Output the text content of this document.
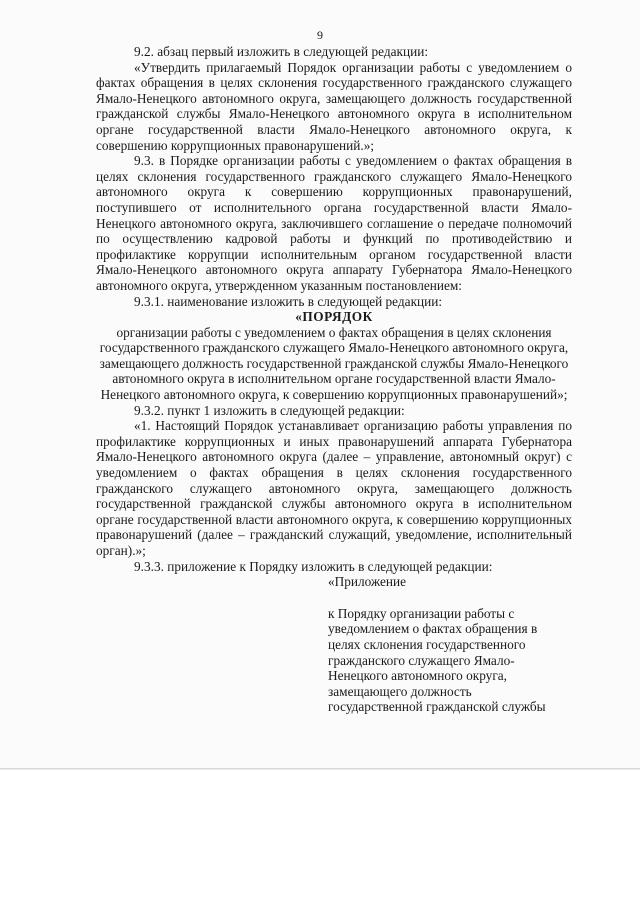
9

9.2. абзац первый изложить в следующей редакции:

«Утвердить прилагаемый Порядок организации работы с уведомлением о фактах обращения в целях склонения государственного гражданского служащего Ямало-Ненецкого автономного округа, замещающего должность государственной гражданской службы Ямало-Ненецкого автономного округа в исполнительном органе государственной власти Ямало-Ненецкого автономного округа, к совершению коррупционных правонарушений.»;

9.3. в Порядке организации работы с уведомлением о фактах обращения в целях склонения государственного гражданского служащего Ямало-Ненецкого автономного округа к совершению коррупционных правонарушений, поступившего от исполнительного органа государственной власти Ямало-Ненецкого автономного округа, заключившего соглашение о передаче полномочий по осуществлению кадровой работы и функций по противодействию и профилактике коррупции исполнительным органом государственной власти Ямало-Ненецкого автономного округа аппарату Губернатора Ямало-Ненецкого автономного округа, утвержденном указанным постановлением:

9.3.1. наименование изложить в следующей редакции:

«ПОРЯДОК

организации работы с уведомлением о фактах обращения в целях склонения государственного гражданского служащего Ямало-Ненецкого автономного округа, замещающего должность государственной гражданской службы Ямало-Ненецкого автономного округа в исполнительном органе государственной власти Ямало-Ненецкого автономного округа, к совершению коррупционных правонарушений»;

9.3.2. пункт 1 изложить в следующей редакции:

«1. Настоящий Порядок устанавливает организацию работы управления по профилактике коррупционных и иных правонарушений аппарата Губернатора Ямало-Ненецкого автономного округа (далее – управление, автономный округ) с уведомлением о фактах обращения в целях склонения государственного гражданского служащего автономного округа, замещающего должность государственной гражданской службы автономного округа в исполнительном органе государственной власти автономного округа, к совершению коррупционных правонарушений (далее – гражданский служащий, уведомление, исполнительный орган).»;

9.3.3. приложение к Порядку изложить в следующей редакции:

«Приложение

к Порядку организации работы с
уведомлением о фактах обращения в
целях склонения государственного
гражданского служащего Ямало-
Ненецкого автономного округа,
замещающего должность
государственной гражданской службы
